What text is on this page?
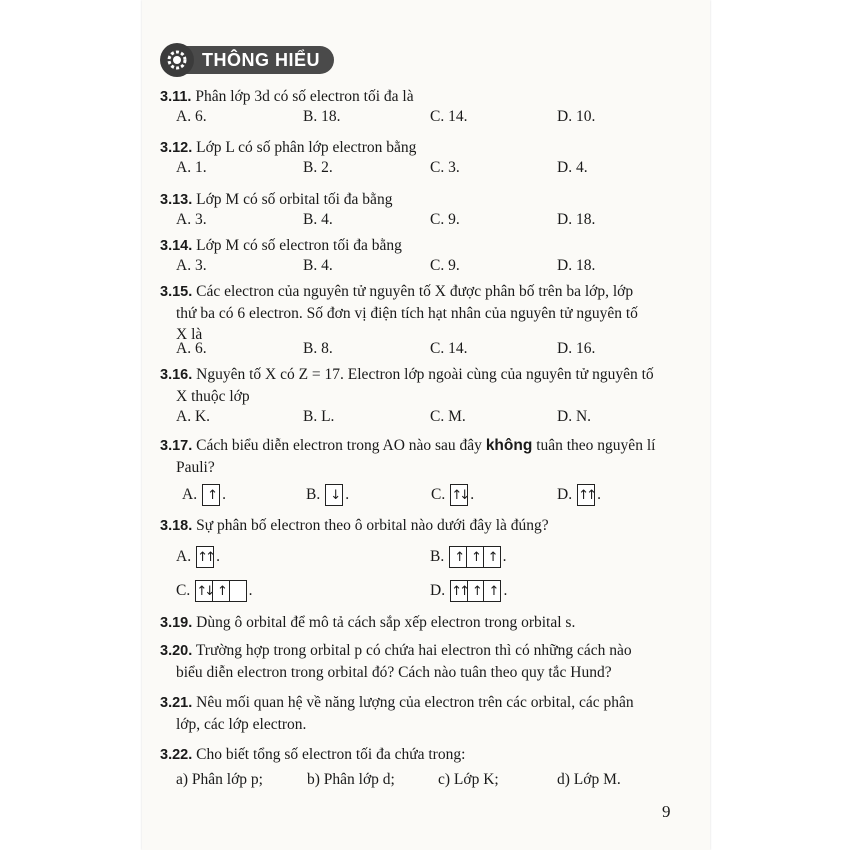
THÔNG HIỂU
3.11. Phân lớp 3d có số electron tối đa là
A. 6.	B. 18.	C. 14.	D. 10.
3.12. Lớp L có số phân lớp electron bằng
A. 1.	B. 2.	C. 3.	D. 4.
3.13. Lớp M có số orbital tối đa bằng
A. 3.	B. 4.	C. 9.	D. 18.
3.14. Lớp M có số electron tối đa bằng
A. 3.	B. 4.	C. 9.	D. 18.
3.15. Các electron của nguyên tử nguyên tố X được phân bố trên ba lớp, lớp
thứ ba có 6 electron. Số đơn vị điện tích hạt nhân của nguyên tử nguyên tố
X là
A. 6.	B. 8.	C. 14.	D. 16.
3.16. Nguyên tố X có Z = 17. Electron lớp ngoài cùng của nguyên tử nguyên tố
X thuộc lớp
A. K.	B. L.	C. M.	D. N.
3.17. Cách biểu diễn electron trong AO nào sau đây không tuân theo nguyên lí
Pauli?
A. ↑ .	B. ↓ .	C. ↑↓ .	D. ↑↑ .
3.18. Sự phân bố electron theo ô orbital nào dưới đây là đúng?
A. ↑↑ .	B. ↑ ↑ ↑ .
C. ↑↓ ↑ .	D. ↑↑ ↑ ↑ .
3.19. Dùng ô orbital để mô tả cách sắp xếp electron trong orbital s.
3.20. Trường hợp trong orbital p có chứa hai electron thì có những cách nào
biểu diễn electron trong orbital đó? Cách nào tuân theo quy tắc Hund?
3.21. Nêu mối quan hệ về năng lượng của electron trên các orbital, các phân
lớp, các lớp electron.
3.22. Cho biết tổng số electron tối đa chứa trong:
a) Phân lớp p;	b) Phân lớp d;	c) Lớp K;	d) Lớp M.
9
